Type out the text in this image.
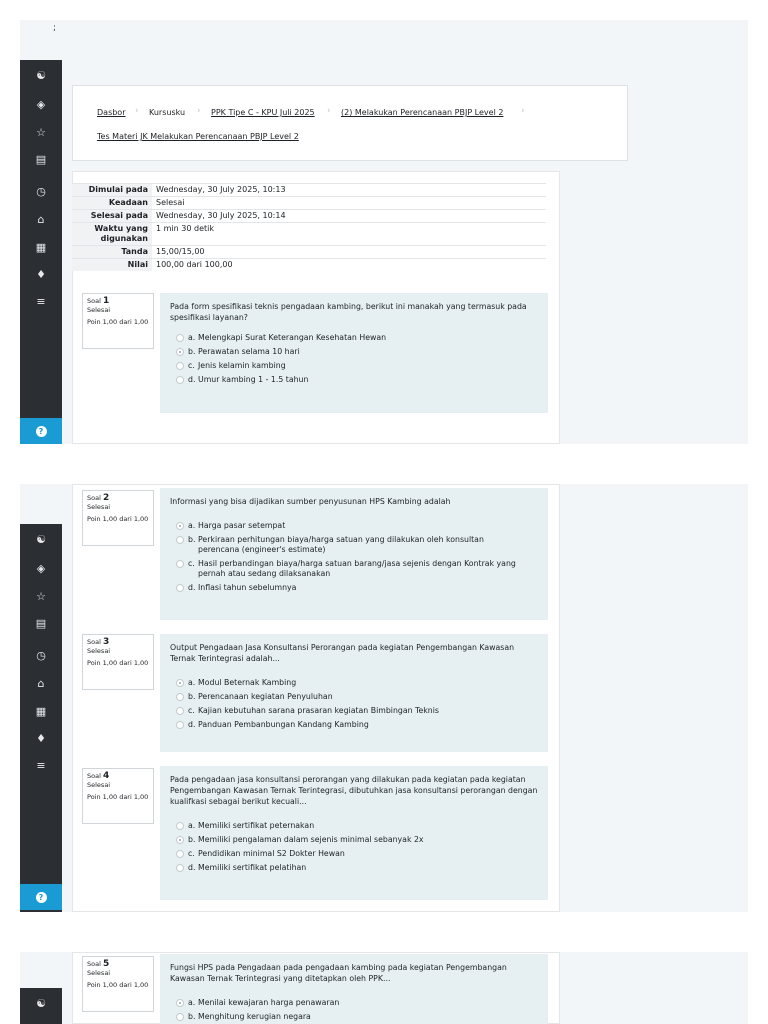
;
☯
◈
☆
▤
◷
⌂
▦
♦
≡
?
Dasbor › Kursusku › PPK Tipe C - KPU Juli 2025 › (2) Melakukan Perencanaan PBJP Level 2 ›
Tes Materi JK Melakukan Perencanaan PBJP Level 2
Dimulai pada	Wednesday, 30 July 2025, 10:13
Keadaan	Selesai
Selesai pada	Wednesday, 30 July 2025, 10:14
Waktu yang digunakan	1 min 30 detik
Tanda	15,00/15,00
Nilai	100,00 dari 100,00
Soal 1
Selesai
Poin 1,00 dari 1,00
Pada form spesifikasi teknis pengadaan kambing, berikut ini manakah yang termasuk pada spesifikasi layanan?
a. Melengkapi Surat Keterangan Kesehatan Hewan
b. Perawatan selama 10 hari
c. Jenis kelamin kambing
d. Umur kambing 1 - 1.5 tahun
☯
◈
☆
▤
◷
⌂
▦
♦
≡
?
Soal 2
Selesai
Poin 1,00 dari 1,00
Informasi yang bisa dijadikan sumber penyusunan HPS Kambing adalah
a. Harga pasar setempat
b. Perkiraan perhitungan biaya/harga satuan yang dilakukan oleh konsultan perencana (engineer's estimate)
c. Hasil perbandingan biaya/harga satuan barang/jasa sejenis dengan Kontrak yang pernah atau sedang dilaksanakan
d. Inflasi tahun sebelumnya
Soal 3
Selesai
Poin 1,00 dari 1,00
Output Pengadaan Jasa Konsultansi Perorangan pada kegiatan Pengembangan Kawasan Ternak Terintegrasi adalah...
a. Modul Beternak Kambing
b. Perencanaan kegiatan Penyuluhan
c. Kajian kebutuhan sarana prasaran kegiatan Bimbingan Teknis
d. Panduan Pembanbungan Kandang Kambing
Soal 4
Selesai
Poin 1,00 dari 1,00
Pada pengadaan jasa konsultansi perorangan yang dilakukan pada kegiatan pada kegiatan Pengembangan Kawasan Ternak Terintegrasi, dibutuhkan jasa konsultansi perorangan dengan kualifkasi sebagai berikut kecuali...
a. Memiliki sertifikat peternakan
b. Memiliki pengalaman dalam sejenis minimal sebanyak 2x
c. Pendidikan minimal S2 Dokter Hewan
d. Memiliki sertifikat pelatihan
☯
Soal 5
Selesai
Poin 1,00 dari 1,00
Fungsi HPS pada Pengadaan pada pengadaan kambing pada kegiatan Pengembangan Kawasan Ternak Terintegrasi yang ditetapkan oleh PPK...
a. Menilai kewajaran harga penawaran
b. Menghitung kerugian negara
